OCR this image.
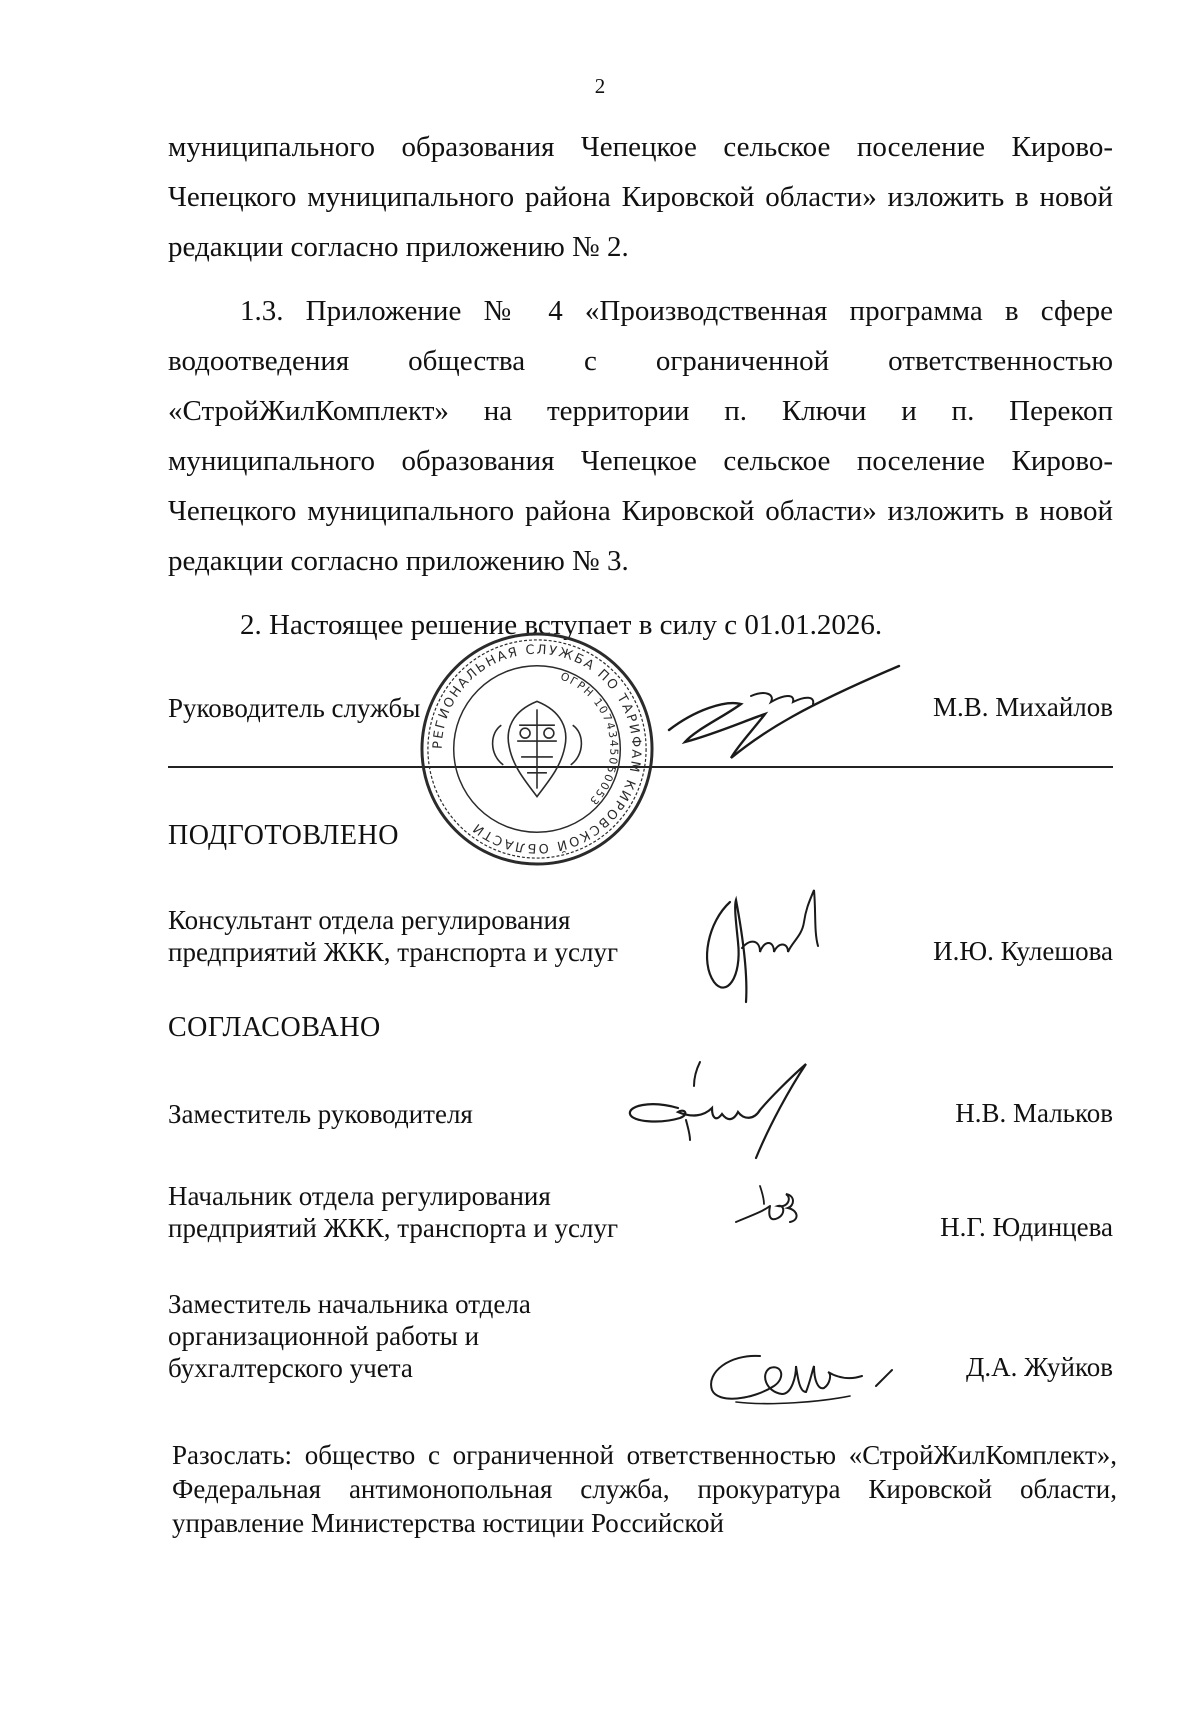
2

муниципального образования Чепецкое сельское поселение Кирово-Чепецкого муниципального района Кировской области» изложить в новой редакции согласно приложению № 2.

1.3. Приложение № 4 «Производственная программа в сфере водоотведения общества с ограниченной ответственностью «СтройЖилКомплект» на территории п. Ключи и п. Перекоп муниципального образования Чепецкое сельское поселение Кирово-Чепецкого муниципального района Кировской области» изложить в новой редакции согласно приложению № 3.

2. Настоящее решение вступает в силу с 01.01.2026.

Руководитель службы	М.В. Михайлов
РЕГИОНАЛЬНАЯ СЛУЖБА ПО ТАРИФАМ КИРОВСКОЙ ОБЛАСТИ
ОГРН 1074345050053
ПОДГОТОВЛЕНО
Консультант отдела регулирования
предприятий ЖКК, транспорта и услуг	И.Ю. Кулешова
СОГЛАСОВАНО
Заместитель руководителя	Н.В. Мальков
Начальник отдела регулирования
предприятий ЖКК, транспорта и услуг	Н.Г. Юдинцева
Заместитель начальника отдела
организационной работы и
бухгалтерского учета	Д.А. Жуйков
Разослать: общество с ограниченной ответственностью «СтройЖилКомплект», Федеральная антимонопольная служба, прокуратура Кировской области, управление Министерства юстиции Российской
